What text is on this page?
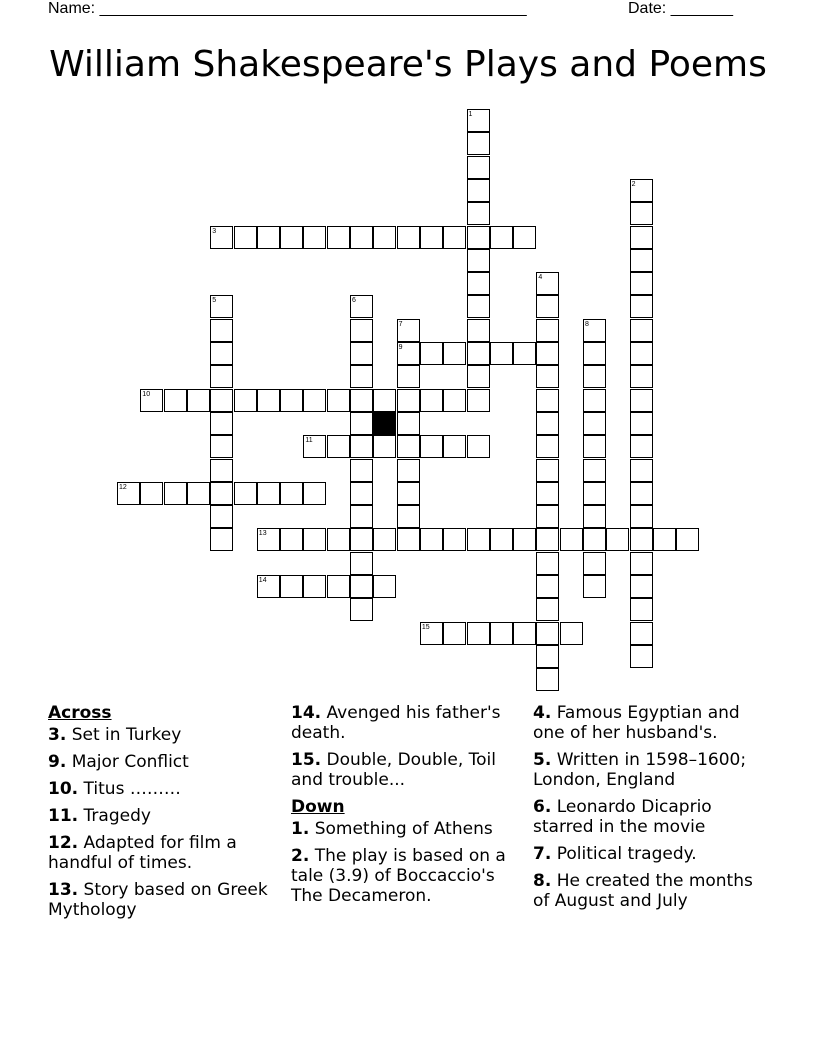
Name: ________________________________________________	Date: _______
William Shakespeare's Plays and Poems
1
2
3
4
5	6
7	8
9
10
11
12
13
14
15
Across
3. Set in Turkey
9. Major Conflict
10. Titus ………
11. Tragedy
12. Adapted for film a handful of times.
13. Story based on Greek Mythology
14. Avenged his father's death.
15. Double, Double, Toil and trouble...
Down
1. Something of Athens
2. The play is based on a tale (3.9) of Boccaccio's The Decameron.
4. Famous Egyptian and one of her husband's.
5. Written in 1598–1600; London, England
6. Leonardo Dicaprio starred in the movie
7. Political tragedy.
8. He created the months of August and July
